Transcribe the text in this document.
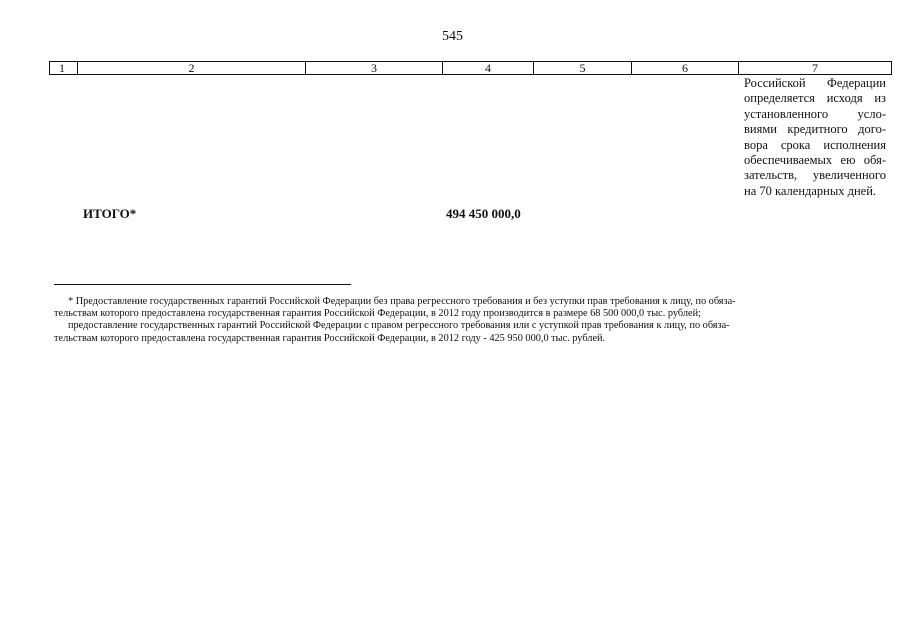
545
1	2	3	4	5	6	7
Российской Федерации
определяется исходя из
установленного усло-
виями кредитного дого-
вора срока исполнения
обеспечиваемых ею обя-
зательств, увеличенного
на 70 календарных дней.
ИТОГО*	494 450 000,0
* Предоставление государственных гарантий Российской Федерации без права регрессного требования и без уступки прав требования к лицу, по обяза-
тельствам которого предоставлена государственная гарантия Российской Федерации, в 2012 году производится в размере 68 500 000,0 тыс. рублей;
предоставление государственных гарантий Российской Федерации с правом регрессного требования или с уступкой прав требования к лицу, по обяза-
тельствам которого предоставлена государственная гарантия Российской Федерации, в 2012 году - 425 950 000,0 тыс. рублей.
